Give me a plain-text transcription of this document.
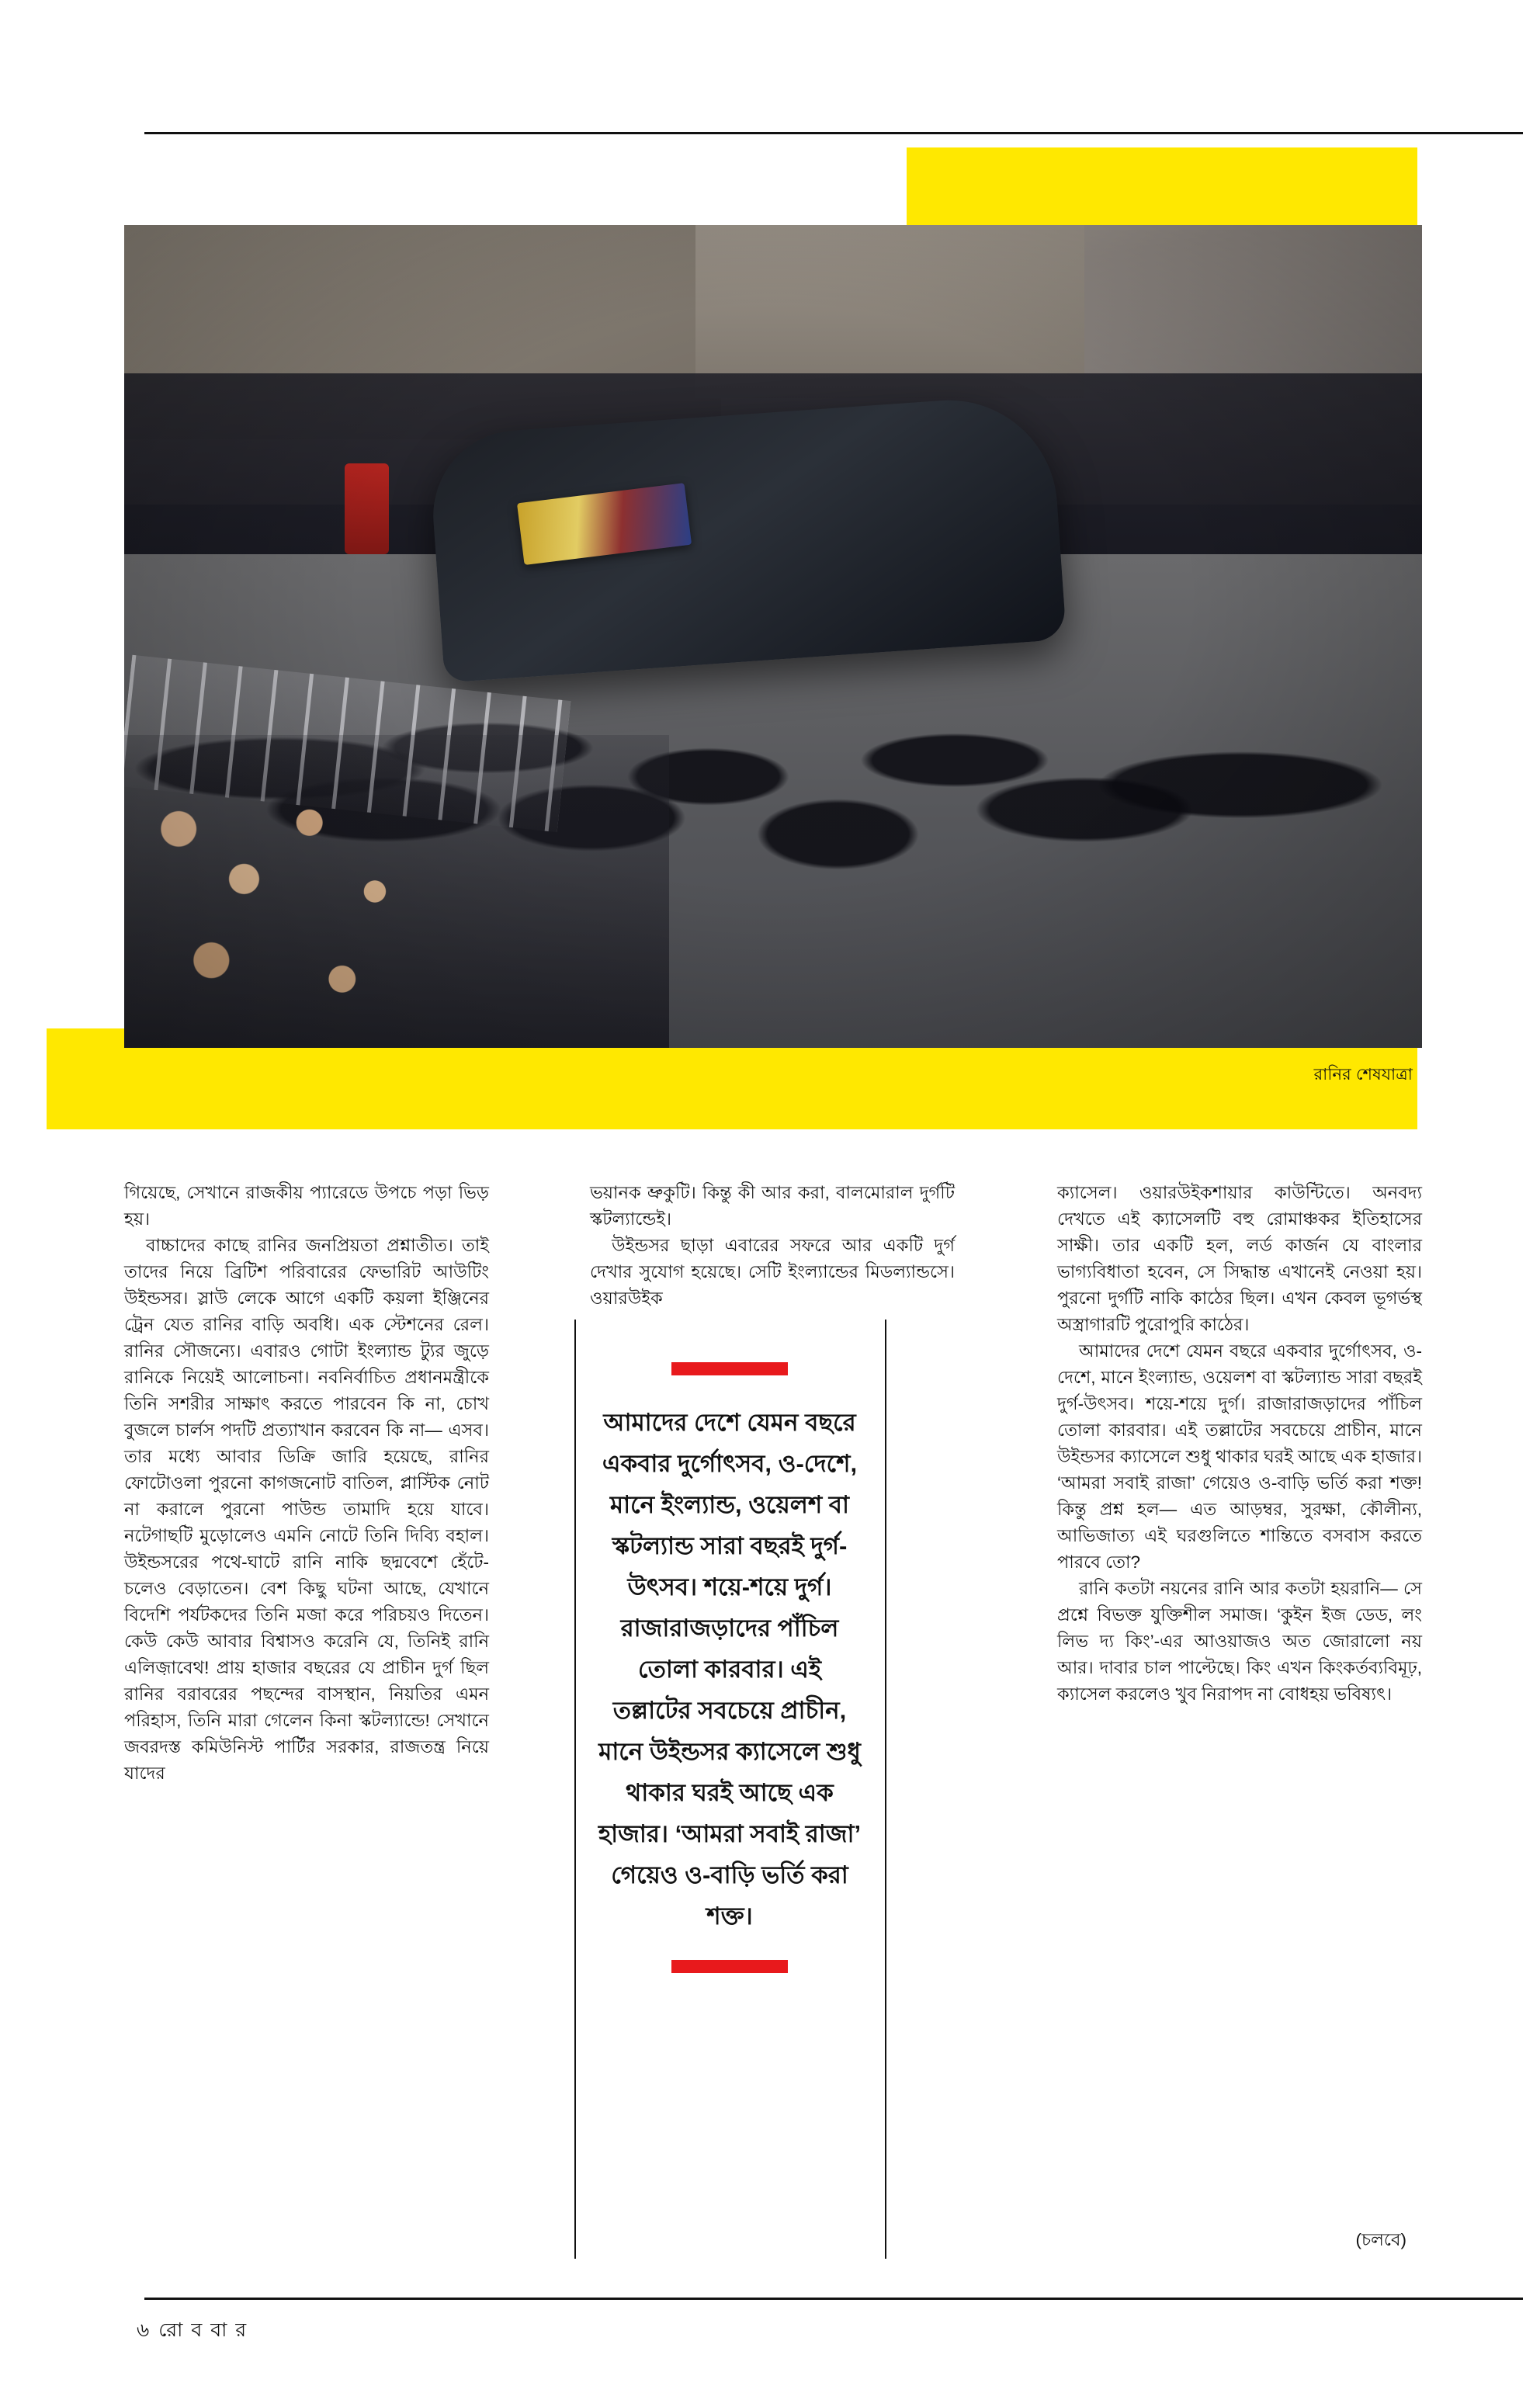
রানির শেষযাত্রা

গিয়েছে, সেখানে রাজকীয় প্যারেডে উপচে পড়া ভিড় হয়।

বাচ্চাদের কাছে রানির জনপ্রিয়তা প্রশ্নাতীত। তাই তাদের নিয়ে ব্রিটিশ পরিবারের ফেভারিট আউটিং উইন্ডসর। স্লাউ লেকে আগে একটি কয়লা ইঞ্জিনের ট্রেন যেত রানির বাড়ি অবধি। এক স্টেশনের রেল। রানির সৌজন্যে। এবারও গোটা ইংল্যান্ড ট্যুর জুড়ে রানিকে নিয়েই আলোচনা। নবনির্বাচিত প্রধানমন্ত্রীকে তিনি সশরীর সাক্ষাৎ করতে পারবেন কি না, চোখ বুজলে চার্লস পদটি প্রত্যাখান করবেন কি না— এসব। তার মধ্যে আবার ডিক্রি জারি হয়েছে, রানির ফোটোওলা পুরনো কাগজনোট বাতিল, প্লাস্টিক নোট না করালে পুরনো পাউন্ড তামাদি হয়ে যাবে। নটেগাছটি মুড়োলেও এমনি নোটে তিনি দিব্যি বহাল। উইন্ডসরের পথে-ঘাটে রানি নাকি ছদ্মবেশে হেঁটে-চলেও বেড়াতেন। বেশ কিছু ঘটনা আছে, যেখানে বিদেশি পর্যটকদের তিনি মজা করে পরিচয়ও দিতেন। কেউ কেউ আবার বিশ্বাসও করেনি যে, তিনিই রানি এলিজ়াবেথ! প্রায় হাজার বছরের যে প্রাচীন দুর্গ ছিল রানির বরাবরের পছন্দের বাসস্থান, নিয়তির এমন পরিহাস, তিনি মারা গেলেন কিনা স্কটল্যান্ডে! সেখানে জবরদস্ত কমিউনিস্ট পার্টির সরকার, রাজতন্ত্র নিয়ে যাদের

ভয়ানক ভ্রুকুটি। কিন্তু কী আর করা, বালমোরাল দুর্গটি স্কটল্যান্ডেই।

উইন্ডসর ছাড়া এবারের সফরে আর একটি দুর্গ দেখার সুযোগ হয়েছে। সেটি ইংল্যান্ডের মিডল্যান্ডসে। ওয়ারউইক

ক্যাসেল। ওয়ারউইকশায়ার কাউন্টিতে। অনবদ্য দেখতে এই ক্যাসেলটি বহু রোমাঞ্চকর ইতিহাসের সাক্ষী। তার একটি হল, লর্ড কার্জন যে বাংলার ভাগ্যবিধাতা হবেন, সে সিদ্ধান্ত এখানেই নেওয়া হয়। পুরনো দুর্গটি নাকি কাঠের ছিল। এখন কেবল ভূগর্ভস্থ অস্ত্রাগারটি পুরোপুরি কাঠের।

আমাদের দেশে যেমন বছরে একবার দুর্গোৎসব, ও-দেশে, মানে ইংল্যান্ড, ওয়েলশ বা স্কটল্যান্ড সারা বছরই দুর্গ-উৎসব। শয়ে-শয়ে দুর্গ। রাজারাজড়াদের পাঁচিল তোলা কারবার। এই তল্লাটের সবচেয়ে প্রাচীন, মানে উইন্ডসর ক্যাসেলে শুধু থাকার ঘরই আছে এক হাজার। ‘আমরা সবাই রাজা’ গেয়েও ও-বাড়ি ভর্তি করা শক্ত! কিন্তু প্রশ্ন হল— এত আড়ম্বর, সুরক্ষা, কৌলীন্য, আভিজাত্য এই ঘরগুলিতে শান্তিতে বসবাস করতে পারবে তো?

রানি কতটা নয়নের রানি আর কতটা হয়রানি— সে প্রশ্নে বিভক্ত যুক্তিশীল সমাজ। ‘কুইন ইজ ডেড, লং লিভ দ্য কিং’-এর আওয়াজও অত জোরালো নয় আর। দাবার চাল পাল্টেছে। কিং এখন কিংকর্তব্যবিমূঢ়, ক্যাসেল করলেও খুব নিরাপদ না বোধহয় ভবিষ্যৎ।

আমাদের দেশে যেমন বছরে একবার দুর্গোৎসব, ও-দেশে, মানে ইংল্যান্ড, ওয়েলশ বা স্কটল্যান্ড সারা বছরই দুর্গ-উৎসব। শয়ে-শয়ে দুর্গ। রাজারাজড়াদের পাঁচিল তোলা কারবার। এই তল্লাটের সবচেয়ে প্রাচীন, মানে উইন্ডসর ক্যাসেলে শুধু থাকার ঘরই আছে এক হাজার। ‘আমরা সবাই রাজা’ গেয়েও ও-বাড়ি ভর্তি করা শক্ত।
(চলবে)
৬ রো ব বা র
